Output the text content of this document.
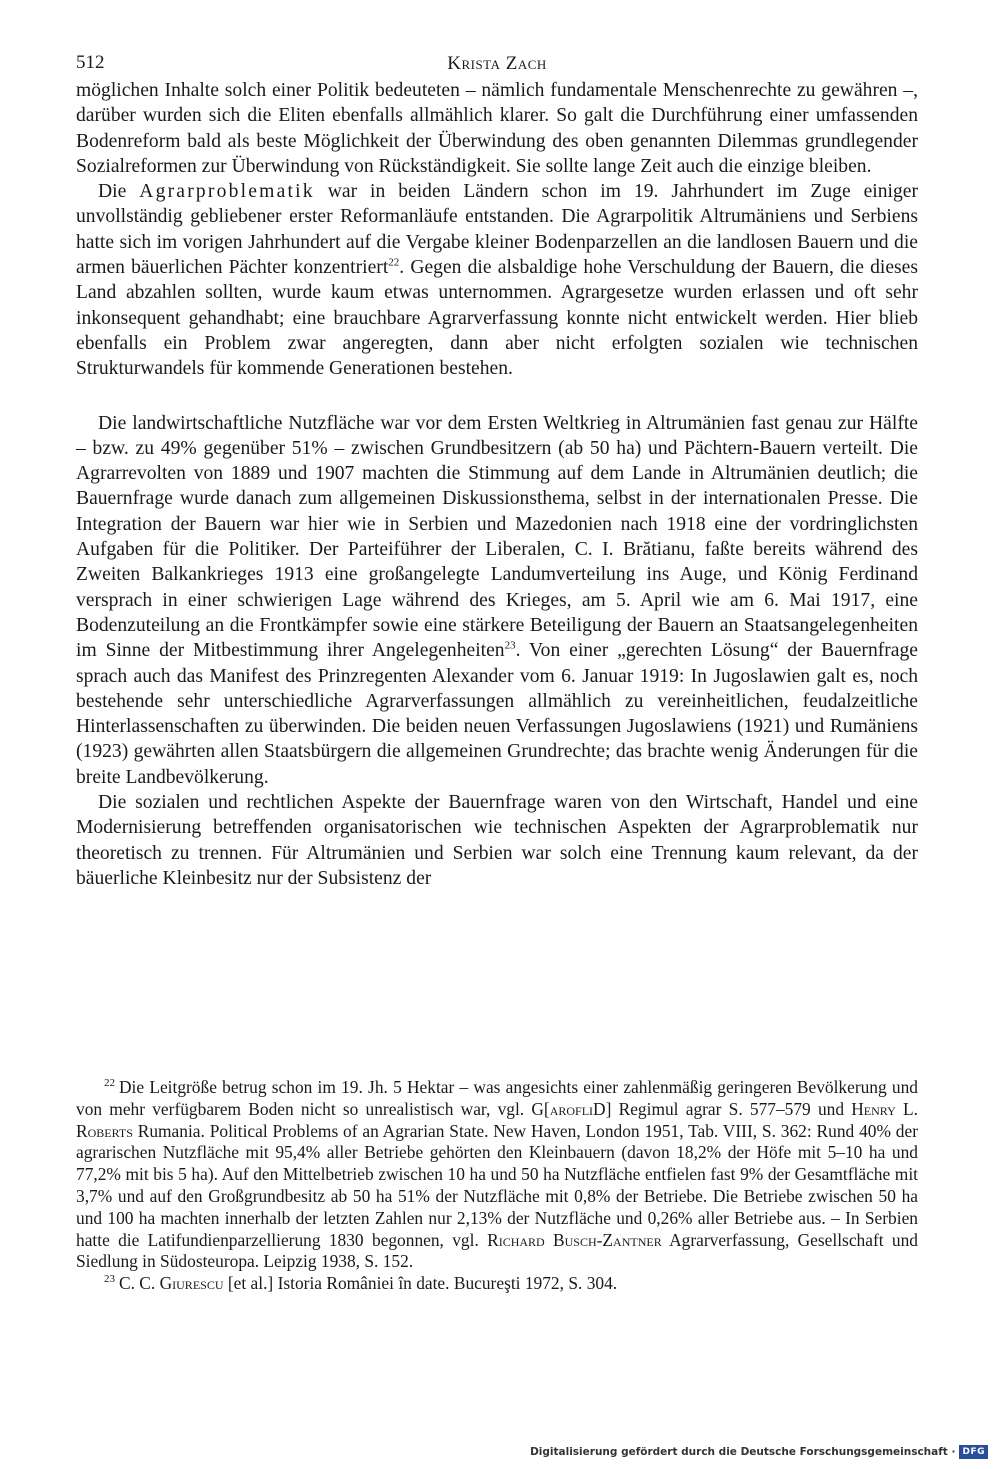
512	Krista Zach

möglichen Inhalte solch einer Politik bedeuteten – nämlich fundamentale Menschenrechte zu gewähren –, darüber wurden sich die Eliten ebenfalls allmählich klarer. So galt die Durchführung einer umfassenden Bodenreform bald als beste Möglichkeit der Überwindung des oben genannten Dilemmas grundlegender Sozialreformen zur Überwindung von Rückständigkeit. Sie sollte lange Zeit auch die einzige bleiben.

Die Agrarproblematik war in beiden Ländern schon im 19. Jahrhundert im Zuge einiger unvollständig gebliebener erster Reformanläufe entstanden. Die Agrarpolitik Altrumäniens und Serbiens hatte sich im vorigen Jahrhundert auf die Vergabe kleiner Bodenparzellen an die landlosen Bauern und die armen bäuerlichen Pächter konzentriert$^{22}$. Gegen die alsbaldige hohe Verschuldung der Bauern, die dieses Land abzahlen sollten, wurde kaum etwas unternommen. Agrargesetze wurden erlassen und oft sehr inkonsequent gehandhabt; eine brauchbare Agrarverfassung konnte nicht entwickelt werden. Hier blieb ebenfalls ein Problem zwar angeregten, dann aber nicht erfolgten sozialen wie technischen Strukturwandels für kommende Generationen bestehen.

Die landwirtschaftliche Nutzfläche war vor dem Ersten Weltkrieg in Altrumänien fast genau zur Hälfte – bzw. zu 49% gegenüber 51% – zwischen Grundbesitzern (ab 50 ha) und Pächtern-Bauern verteilt. Die Agrarrevolten von 1889 und 1907 machten die Stimmung auf dem Lande in Altrumänien deutlich; die Bauernfrage wurde danach zum allgemeinen Diskussionsthema, selbst in der internationalen Presse. Die Integration der Bauern war hier wie in Serbien und Mazedonien nach 1918 eine der vordringlichsten Aufgaben für die Politiker. Der Parteiführer der Liberalen, C. I. Brătianu, faßte bereits während des Zweiten Balkankrieges 1913 eine großangelegte Landumverteilung ins Auge, und König Ferdinand versprach in einer schwierigen Lage während des Krieges, am 5. April wie am 6. Mai 1917, eine Bodenzuteilung an die Frontkämpfer sowie eine stärkere Beteiligung der Bauern an Staatsangelegenheiten im Sinne der Mitbestimmung ihrer Angelegenheiten$^{23}$. Von einer „gerechten Lösung“ der Bauernfrage sprach auch das Manifest des Prinzregenten Alexander vom 6. Januar 1919: In Jugoslawien galt es, noch bestehende sehr unterschiedliche Agrarverfassungen allmählich zu vereinheitlichen, feudalzeitliche Hinterlassenschaften zu überwinden. Die beiden neuen Verfassungen Jugoslawiens (1921) und Rumäniens (1923) gewährten allen Staatsbürgern die allgemeinen Grundrechte; das brachte wenig Änderungen für die breite Landbevölkerung.

Die sozialen und rechtlichen Aspekte der Bauernfrage waren von den Wirtschaft, Handel und eine Modernisierung betreffenden organisatorischen wie technischen Aspekten der Agrarproblematik nur theoretisch zu trennen. Für Altrumänien und Serbien war solch eine Trennung kaum relevant, da der bäuerliche Kleinbesitz nur der Subsistenz der

$^{22}$ Die Leitgröße betrug schon im 19. Jh. 5 Hektar – was angesichts einer zahlenmäßig geringeren Bevölkerung und von mehr verfügbarem Boden nicht so unrealistisch war, vgl. G[arofliD] Regimul agrar S. 577–579 und Henry L. Roberts Rumania. Political Problems of an Agrarian State. New Haven, London 1951, Tab. VIII, S. 362: Rund 40% der agrarischen Nutzfläche mit 95,4% aller Betriebe gehörten den Kleinbauern (davon 18,2% der Höfe mit 5–10 ha und 77,2% mit bis 5 ha). Auf den Mittelbetrieb zwischen 10 ha und 50 ha Nutzfläche entfielen fast 9% der Gesamtfläche mit 3,7% und auf den Großgrundbesitz ab 50 ha 51% der Nutzfläche mit 0,8% der Betriebe. Die Betriebe zwischen 50 ha und 100 ha machten innerhalb der letzten Zahlen nur 2,13% der Nutzfläche und 0,26% aller Betriebe aus. – In Serbien hatte die Latifundienparzellierung 1830 begonnen, vgl. Richard Busch-Zantner Agrarverfassung, Gesellschaft und Siedlung in Südosteuropa. Leipzig 1938, S. 152.

$^{23}$ C. C. Giurescu [et al.] Istoria României în date. Bucureşti 1972, S. 304.

Digitalisierung gefördert durch die Deutsche Forschungsgemeinschaft · DFG
